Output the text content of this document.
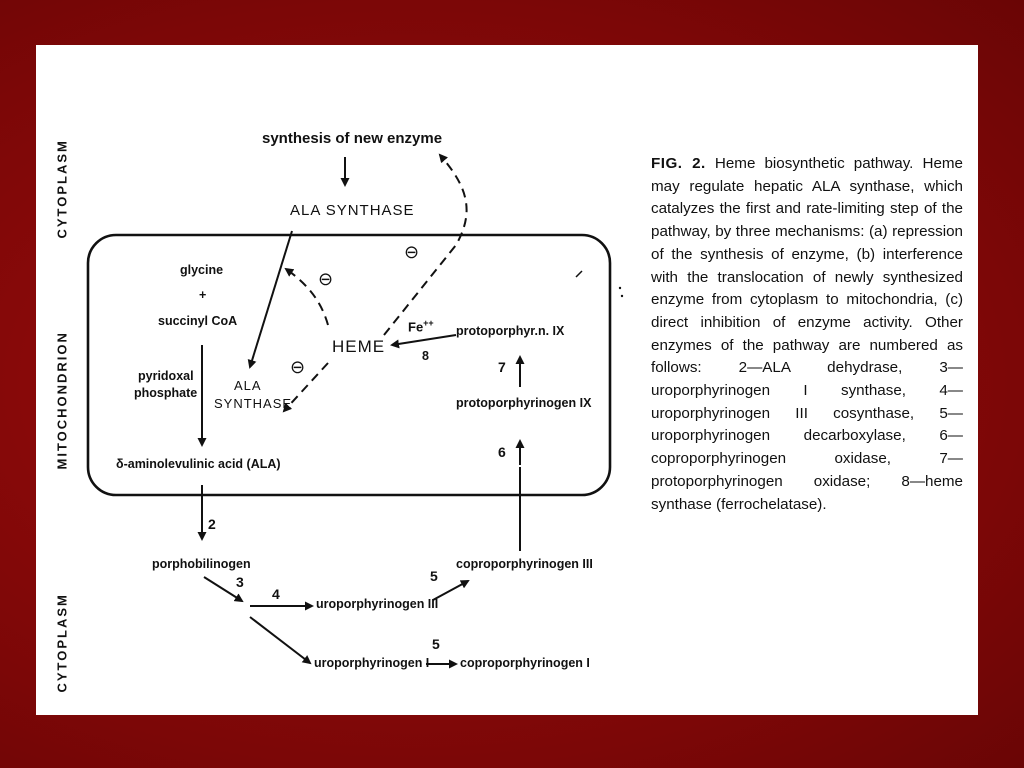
CYTOPLASM
MITOCHONDRION
CYTOPLASM
synthesis of new enzyme
ALA SYNTHASE
⊖
⊖
⊖
glycine
+
succinyl CoA
pyridoxal
phosphate	ALA
SYNTHASE
HEME
Fe++
8
protoporphyr.n. IX
7
protoporphyrinogen IX
6
δ-aminolevulinic acid (ALA)
2
porphobilinogen
3
4
uroporphyrinogen III
5
coproporphyrinogen III
uroporphyrinogen I
5
coproporphyrinogen I
FIG. 2. Heme biosynthetic pathway. Heme may regulate hepatic ALA synthase, which catalyzes the first and rate-limiting step of the pathway, by three mechanisms: (a) repression of the synthesis of enzyme, (b) interference with the translocation of newly synthesized enzyme from cytoplasm to mitochondria, (c) direct inhibition of enzyme activity. Other enzymes of the pathway are numbered as follows: 2—ALA dehydrase, 3—uroporphyrinogen I synthase, 4—uroporphyrinogen III cosynthase, 5—uroporphyrinogen decarboxylase, 6—coproporphyrinogen oxidase, 7—protoporphyrinogen oxidase; 8—heme synthase (ferrochelatase).
